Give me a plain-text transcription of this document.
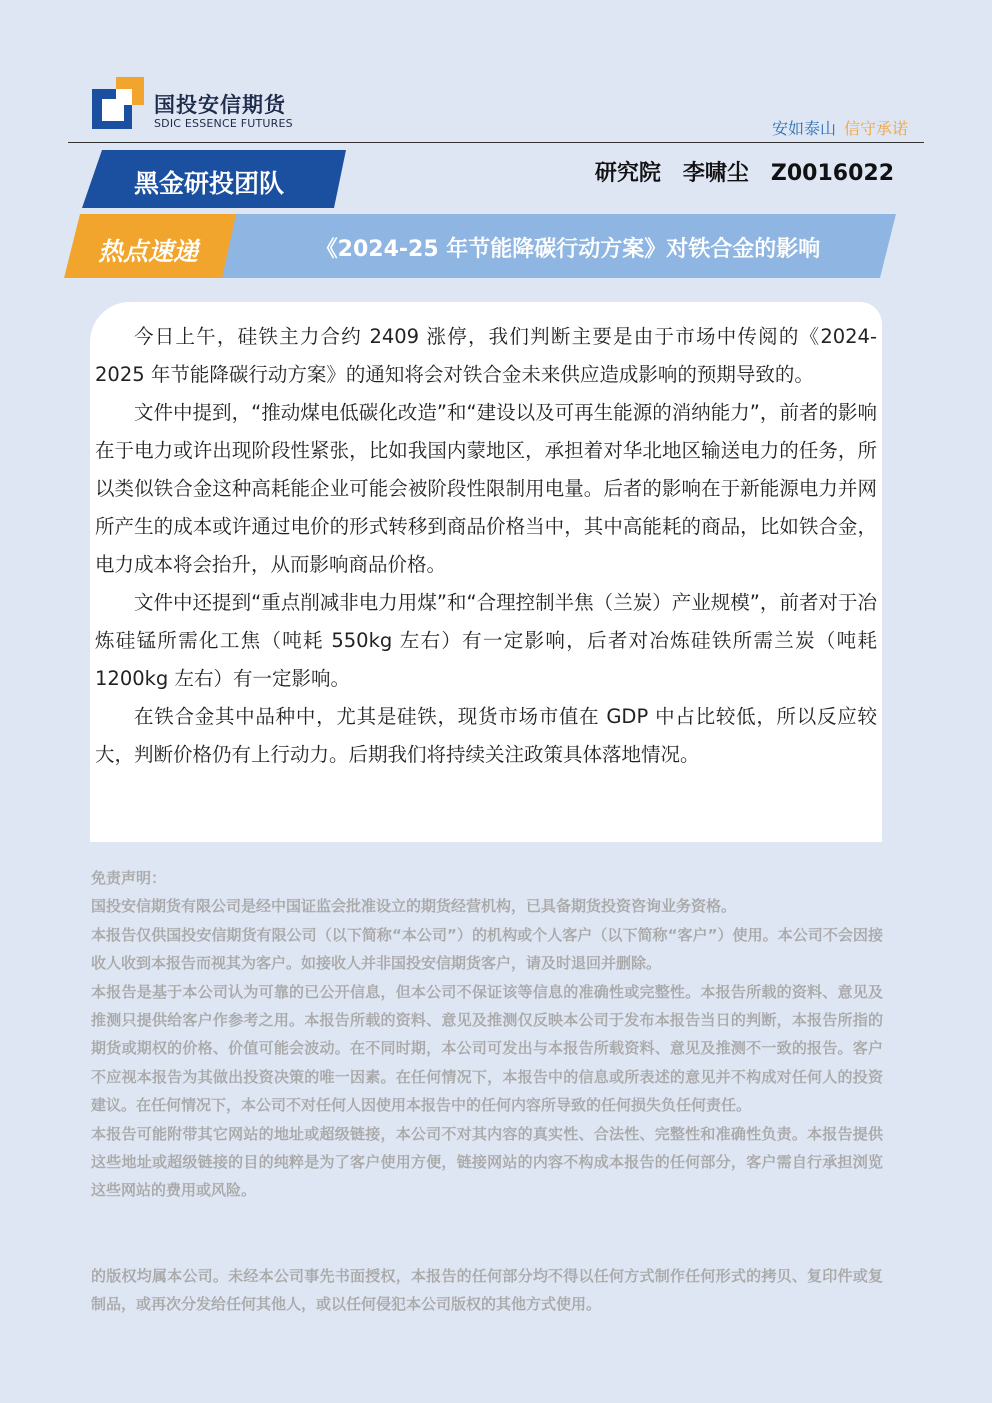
国投安信期货
SDIC ESSENCE FUTURES	安如泰山 信守承诺
黑金研投团队	研究院 李啸尘 Z0016022
热点速递	《2024-25 年节能降碳行动方案》对铁合金的影响

今日上午，硅铁主力合约 2409 涨停，我们判断主要是由于市场中传阅的《2024-2025 年节能降碳行动方案》的通知将会对铁合金未来供应造成影响的预期导致的。

文件中提到，“推动煤电低碳化改造”和“建设以及可再生能源的消纳能力”，前者的影响在于电力或许出现阶段性紧张，比如我国内蒙地区，承担着对华北地区输送电力的任务，所以类似铁合金这种高耗能企业可能会被阶段性限制用电量。后者的影响在于新能源电力并网所产生的成本或许通过电价的形式转移到商品价格当中，其中高能耗的商品，比如铁合金，电力成本将会抬升，从而影响商品价格。

文件中还提到“重点削减非电力用煤”和“合理控制半焦（兰炭）产业规模”，前者对于冶炼硅锰所需化工焦（吨耗 550kg 左右）有一定影响，后者对冶炼硅铁所需兰炭（吨耗 1200kg 左右）有一定影响。

在铁合金其中品种中，尤其是硅铁，现货市场市值在 GDP 中占比较低，所以反应较大，判断价格仍有上行动力。后期我们将持续关注政策具体落地情况。

免责声明：

国投安信期货有限公司是经中国证监会批准设立的期货经营机构，已具备期货投资咨询业务资格。

本报告仅供国投安信期货有限公司（以下简称“本公司”）的机构或个人客户（以下简称“客户”）使用。本公司不会因接收人收到本报告而视其为客户。如接收人并非国投安信期货客户，请及时退回并删除。

本报告是基于本公司认为可靠的已公开信息，但本公司不保证该等信息的准确性或完整性。本报告所载的资料、意见及推测只提供给客户作参考之用。本报告所载的资料、意见及推测仅反映本公司于发布本报告当日的判断，本报告所指的期货或期权的价格、价值可能会波动。在不同时期，本公司可发出与本报告所载资料、意见及推测不一致的报告。客户不应视本报告为其做出投资决策的唯一因素。在任何情况下，本报告中的信息或所表述的意见并不构成对任何人的投资建议。在任何情况下，本公司不对任何人因使用本报告中的任何内容所导致的任何损失负任何责任。

本报告可能附带其它网站的地址或超级链接，本公司不对其内容的真实性、合法性、完整性和准确性负责。本报告提供这些地址或超级链接的目的纯粹是为了客户使用方便，链接网站的内容不构成本报告的任何部分，客户需自行承担浏览这些网站的费用或风险。

的版权均属本公司。未经本公司事先书面授权，本报告的任何部分均不得以任何方式制作任何形式的拷贝、复印件或复制品，或再次分发给任何其他人，或以任何侵犯本公司版权的其他方式使用。
